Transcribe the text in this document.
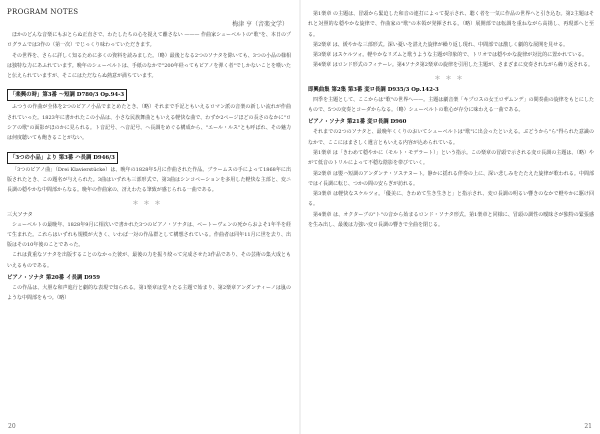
PROGRAM NOTES
梅津 亨（音楽文学）

ほかのどんな音楽にもおとらぬ正直さで、わたしたちの心を捉えて離さない ——— 作曲家シューベルトの"歌"を、本日のプログラムでは3作の（第一次）でじっくり味わっていただきます。

その世界を、さらに詳しく知るために多くの資料を読みました。（略）最後となる2つのソナタを除いても、3つの小品の様相は独特な力にあふれています。晩年のシューベルトは、手紙のなかで"200年経ってもピアノを弾く者"でしかないことを嘆いたと伝えられていますが、そこにはただならぬ熱意が満ちています。

「楽興の時」第3番 ～短調 D780/3 Op.94-3

ふつうの作曲が全体を2つのピアノ小品でまとめたとき、（略）それまで手記ともいえるロマン派の音楽の新しい流れが作曲されていった。1823年に書かれたこの小品は、小さな民族舞曲ともいえる軽快な曲で、わずか2ページほどの長さのなかに"ロシアの歌"の面影がほのかに見られる。ト音記号、ヘ音記号、ヘ長調をめぐる構成から、"エール・ルス"とも呼ばれ、その魅力は何度聴いても飽きることがない。

「3つの小品」より 第3番 ハ長調 D946/3

「3つのピアノ曲」（Drei Klavierstücke）は、晩年の1828年5月に作曲された作品。ブラームスの手によって1868年に出版されたとき、この題名が与えられた。3曲はいずれも三部形式で、第3曲はシンコペーションを多用した軽快な主部と、変ニ長調の穏やかな中間部からなる。晩年の作曲家の、冴えわたる筆致が感じられる一曲である。

＊＊＊
三大ソナタ

シューベルトの最晩年、1828年9月に相次いで書かれた3つのピアノ・ソナタは、ベートーヴェンの死からおよそ1年半を経て生まれた。これらはいずれも規模が大きく、いわば一対の作品群として構想されている。作曲者は同年11月に世を去り、出版はその10年後のことであった。

これは貴重なソナタを出版することのなかった彼が、最後の力を振り絞って完成させた3作品であり、その芸術の集大成ともいえるものである。

ピアノ・ソナタ 第20番 イ長調 D959

この作品は、大胆な和声進行と劇的な表現で知られる。第1楽章は堂々たる主題で始まり、第2楽章アンダンティーノは嵐のような中間部をもつ。（略）

20

第1楽章 の主題は、冒頭から緊迫した和音の連打によって提示され、聴く者を一気に作品の世界へと引き込む。第2主題はそれと対照的な穏やかな旋律で、作曲家の"歌"の本領が発揮される。（略）展開部では転調を重ねながら高揚し、再現部へと至る。

第2楽章 は、緩やかな三部形式。深い憂いを湛えた旋律が繰り返し現れ、中間部では激しく劇的な展開を見せる。

第3楽章 はスケルツォ。軽やかなリズムと歌うような主題が印象的で、トリオでは穏やかな旋律が対比的に置かれている。

第4楽章 はロンド形式のフィナーレ。第4ソナタ第2楽章の旋律を引用した主題が、さまざまに変奏されながら繰り返される。

＊＊＊
即興曲集 第2集 第3番 変ロ長調 D935/3 Op.142-3

四季を主題として、ここからは"歌"の世界へ——。主題は劇音楽「キプロスの女王ロザムンデ」の間奏曲の旋律をもとにしたもので、5つの変奏とコーダからなる。（略）シューベルトの歌心が存分に味わえる一曲である。

ピアノ・ソナタ 第21番 変ロ長調 D960

それまでの2つのソナタと、最晩年くくりのおいてシューベルトは"歌"に出会ったといえる。ぶどうから"ら"得られた意識のなかで、ここにはまさしく遺言ともいえる内容が込められている。

第1楽章 は「きわめて穏やかに（モルト・モデラート）」という指示。この楽章の冒頭で示される変ロ長調の主題は、（略）やがて低音のトリルによって不穏な陰影を帯びていく。

第2楽章 は嬰ハ短調のアンダンテ・ソステヌート。静かに揺れる伴奏の上に、深い悲しみをたたえた旋律が歌われる。中間部ではイ長調に転じ、つかの間の安らぎが訪れる。

第3楽章 は軽快なスケルツォ。「優美に、きわめて生き生きと」と指示され、変ロ長調の明るい響きのなかで軽やかに駆け回る。

第4楽章 は、オクターブの"ト"の音から始まるロンド・ソナタ形式。第1楽章と同様に、冒頭の調性の曖昧さが独特の緊張感を生み出し、最後は力強い変ロ長調の響きで全曲を閉じる。

21
